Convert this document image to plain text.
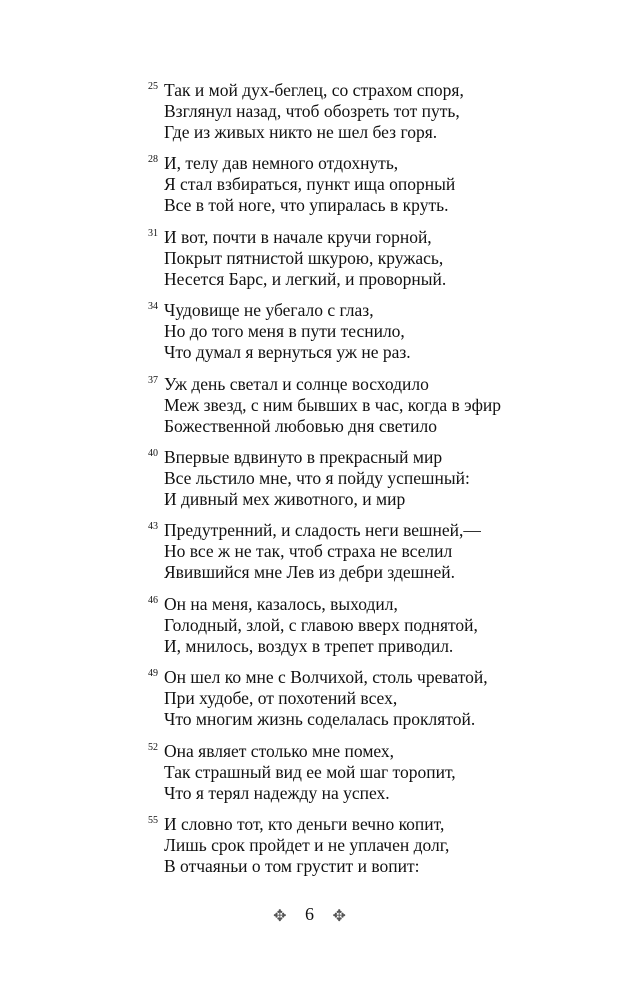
25 Так и мой дух-беглец, со страхом споря,
Взглянул назад, чтоб обозреть тот путь,
Где из живых никто не шел без горя.
28 И, телу дав немного отдохнуть,
Я стал взбираться, пункт ища опорный
Все в той ноге, что упиралась в круть.
31 И вот, почти в начале кручи горной,
Покрыт пятнистой шкурою, кружась,
Несется Барс, и легкий, и проворный.
34 Чудовище не убегало с глаз,
Но до того меня в пути теснило,
Что думал я вернуться уж не раз.
37 Уж день светал и солнце восходило
Меж звезд, с ним бывших в час, когда в эфир
Божественной любовью дня светило
40 Впервые вдвинуто в прекрасный мир
Все льстило мне, что я пойду успешный:
И дивный мех животного, и мир
43 Предутренний, и сладость неги вешней,—
Но все ж не так, чтоб страха не вселил
Явившийся мне Лев из дебри здешней.
46 Он на меня, казалось, выходил,
Голодный, злой, с главою вверх поднятой,
И, мнилось, воздух в трепет приводил.
49 Он шел ко мне с Волчихой, столь чреватой,
При худобе, от похотений всех,
Что многим жизнь соделалась проклятой.
52 Она являет столько мне помех,
Так страшный вид ее мой шаг торопит,
Что я терял надежду на успех.
55 И словно тот, кто деньги вечно копит,
Лишь срок пройдет и не уплачен долг,
В отчаяньи о том грустит и вопит:
✥ 6 ✥
